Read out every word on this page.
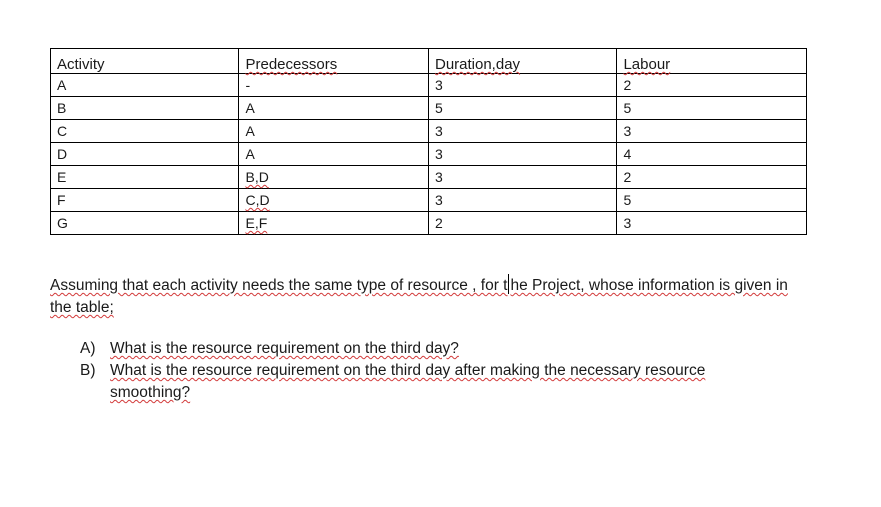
Activity	Predecessors	Duration,day	Labour
A	-	3	2
B	A	5	5
C	A	3	3
D	A	3	4
E	B,D	3	2
F	C,D	3	5
G	E,F	2	3

Assuming that each activity needs the same type of resource , for t he Project, whose information is given in the table;

A) What is the resource requirement on the third day?
B) What is the resource requirement on the third day after making the necessary resource smoothing?
